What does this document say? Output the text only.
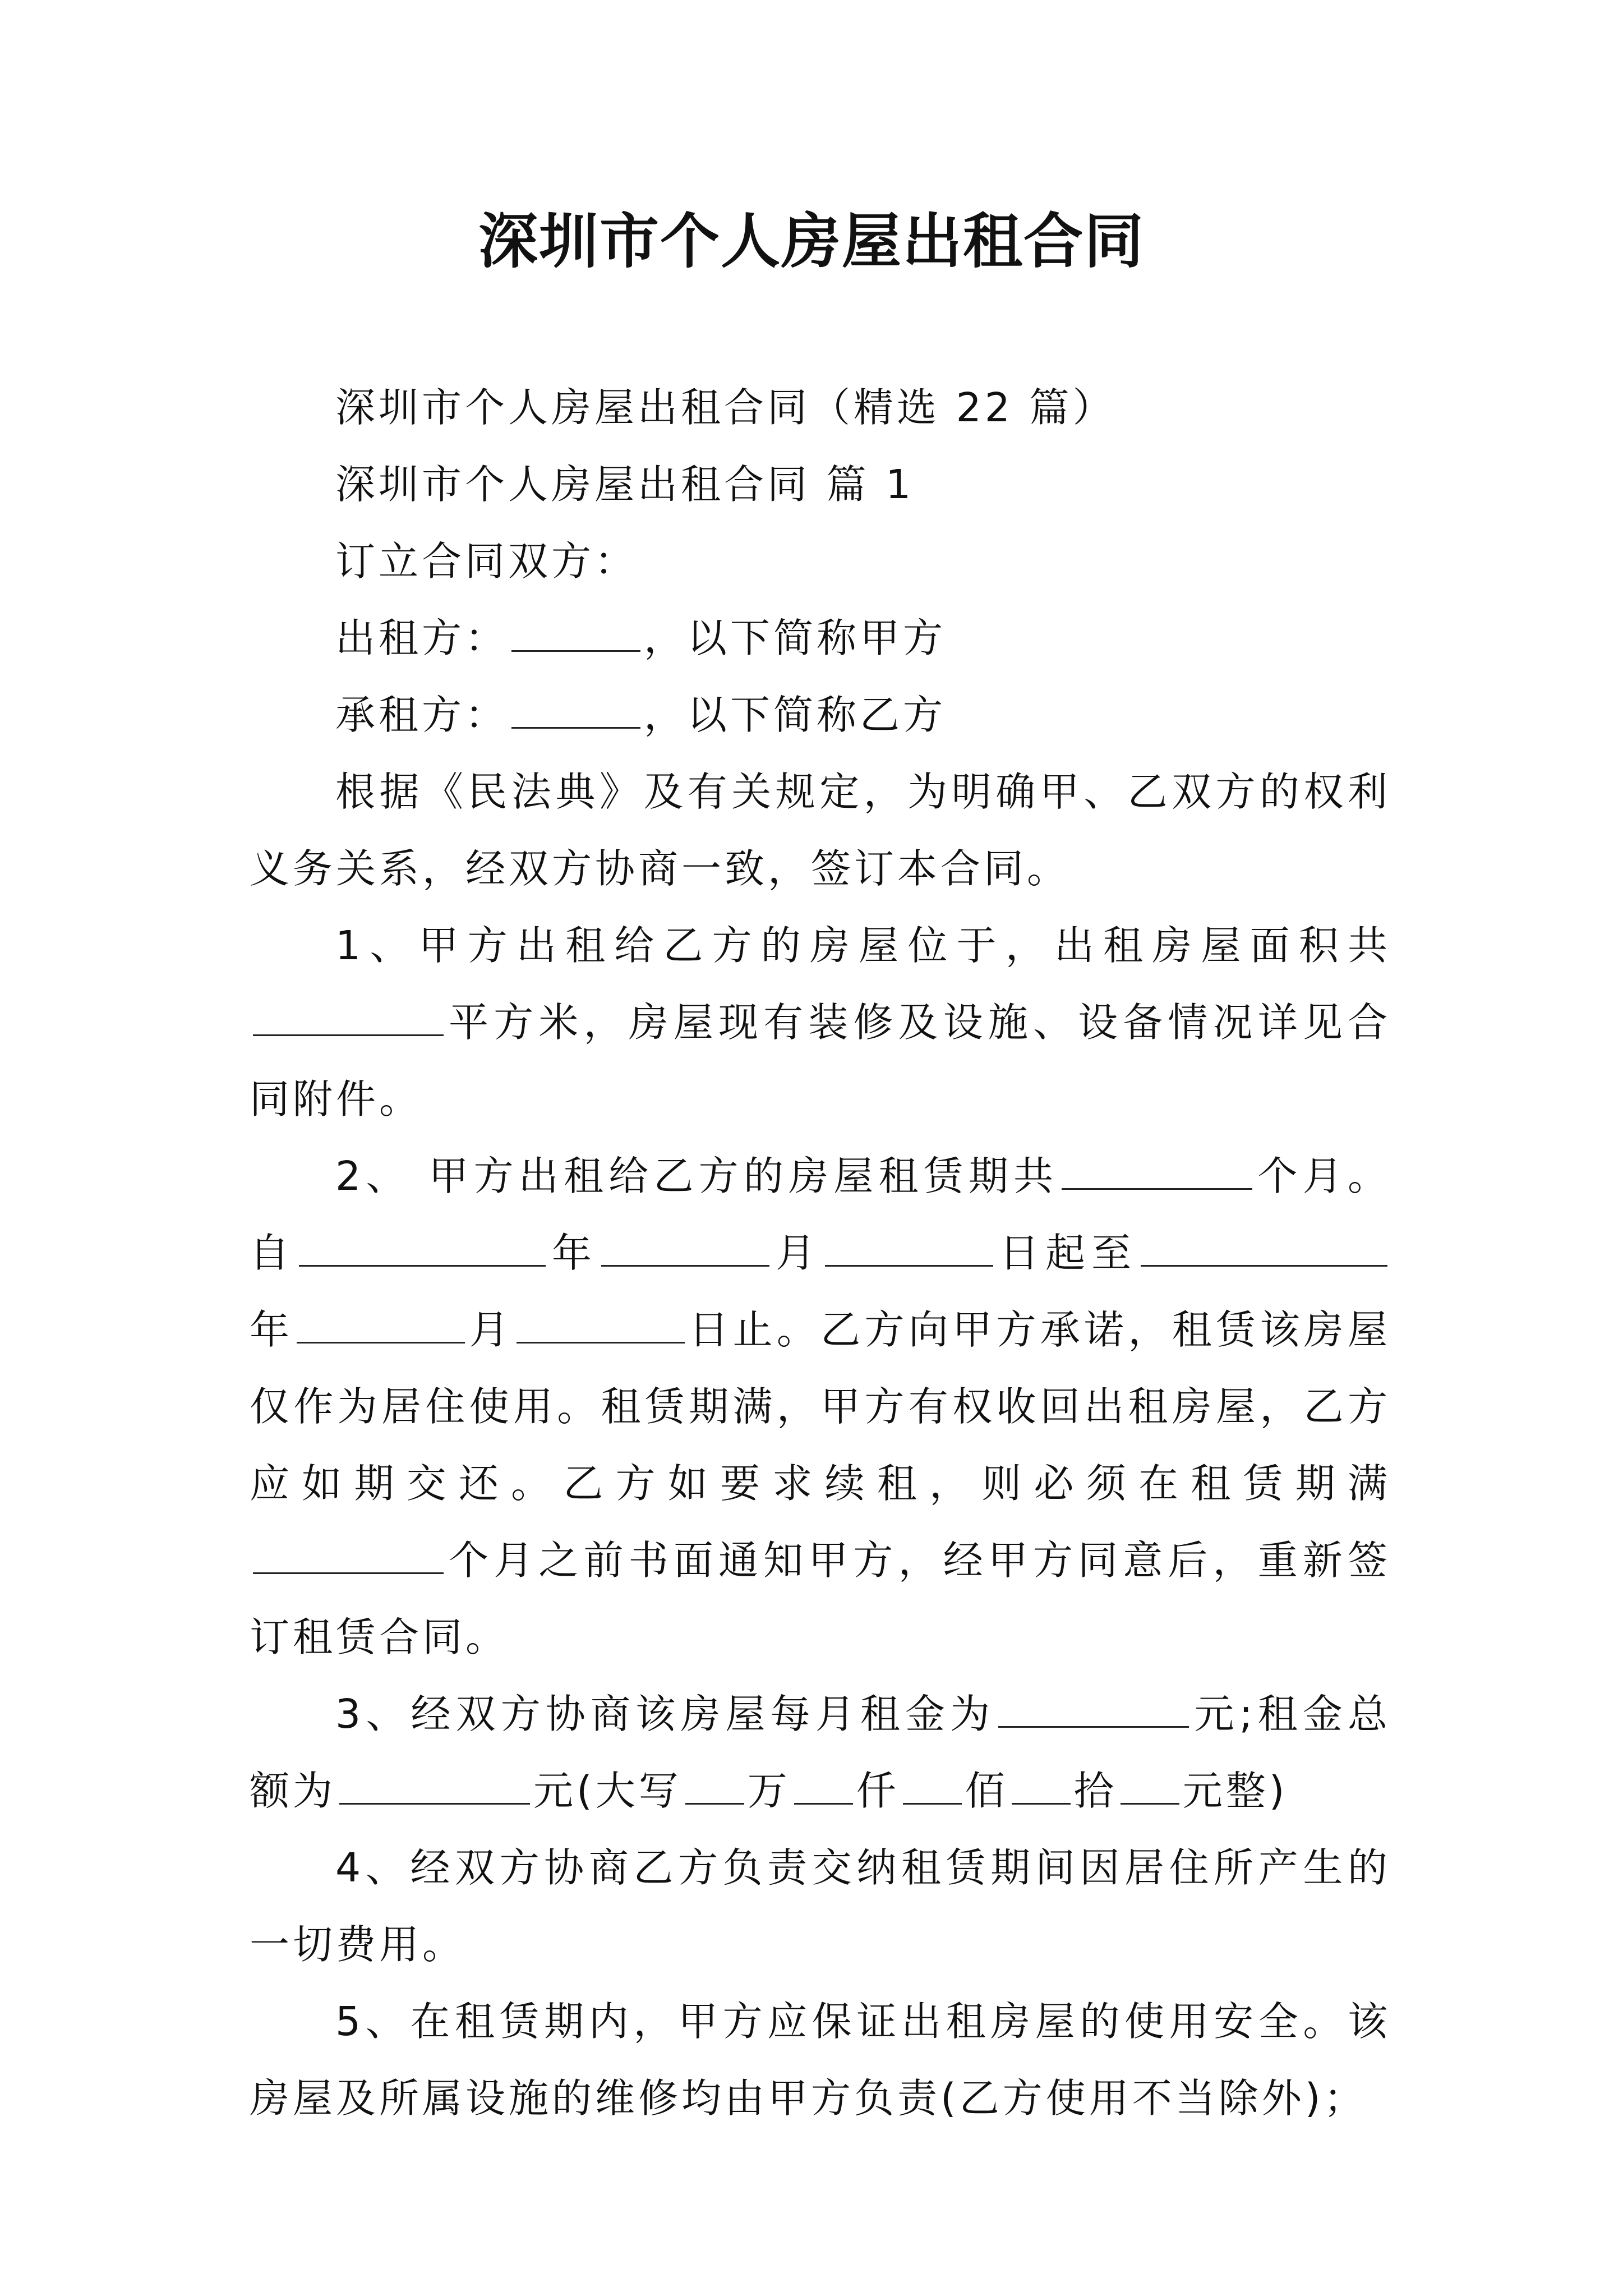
深圳市个人房屋出租合同

深圳市个人房屋出租合同（精选 22 篇）

深圳市个人房屋出租合同 篇 1

订立合同双方：

出租方：	，以下简称甲方

承租方：	，以下简称乙方

根据《民法典》及有关规定，为明确甲、乙双方的权利义务关系，经双方协商一致，签订本合同。

1、甲方出租给乙方的房屋位于，出租房屋面积共平方米，房屋现有装修及设施、设备情况详见合同附件。

2、 甲方出租给乙方的房屋租赁期共	个月。自	年	月	日起至年	月	日止。乙方向甲方承诺，租赁该房屋仅作为居住使用。租赁期满，甲方有权收回出租房屋，乙方应如期交还。乙方如要求续租，则必须在租赁期满个月之前书面通知甲方，经甲方同意后，重新签订租赁合同。

3、经双方协商该房屋每月租金为	元;租金总额为	元(大写 万 仟 佰 拾 元整)

4、经双方协商乙方负责交纳租赁期间因居住所产生的一切费用。

5、在租赁期内，甲方应保证出租房屋的使用安全。该房屋及所属设施的维修均由甲方负责(乙方使用不当除外)；
